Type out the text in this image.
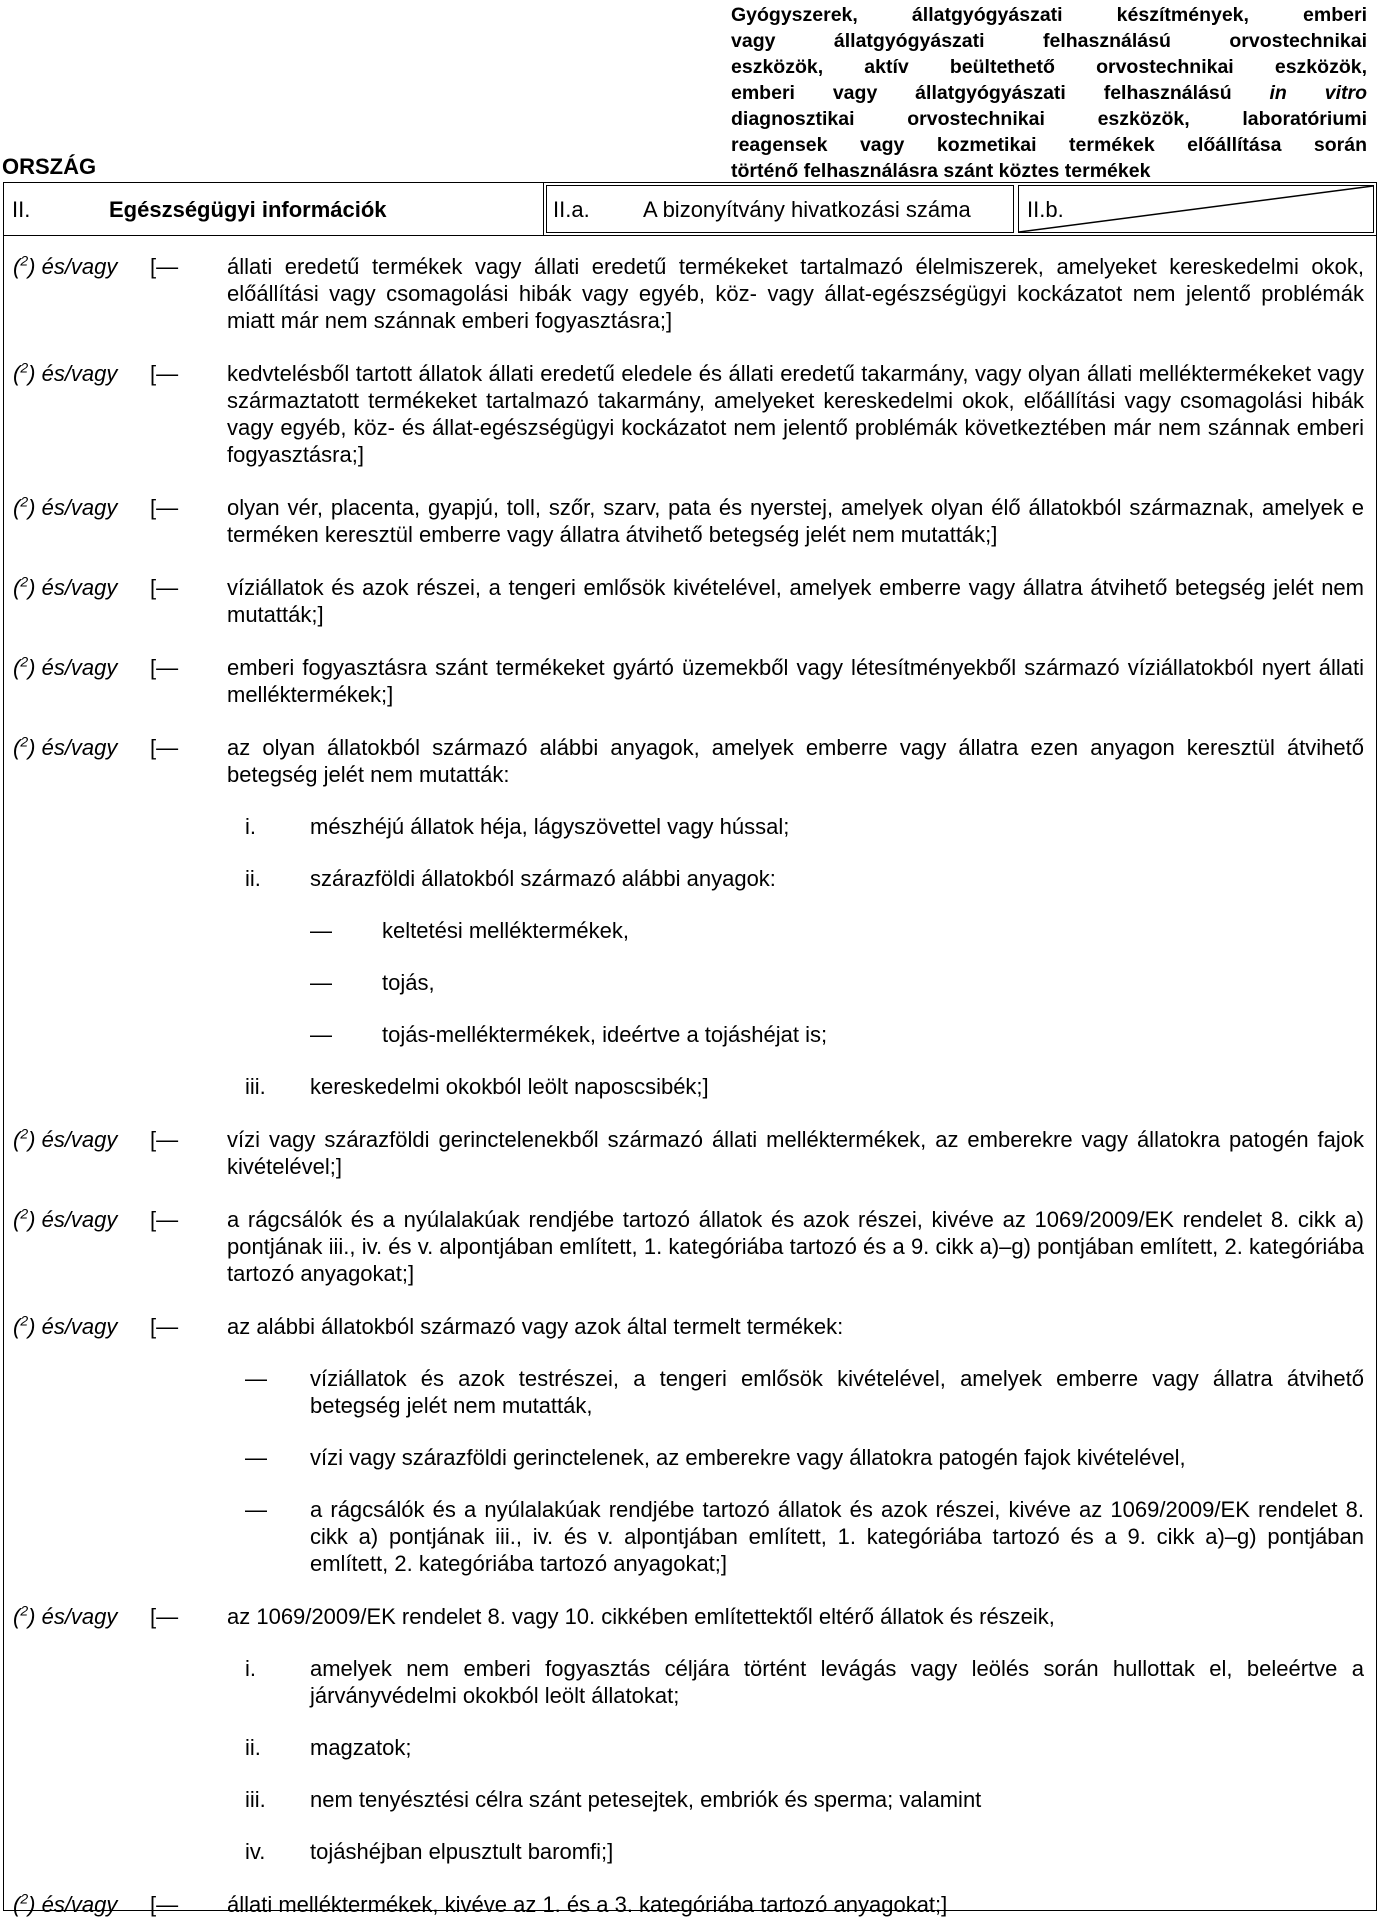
Gyógyszerek, állatgyógyászati készítmények, emberi
vagy állatgyógyászati felhasználású orvostechnikai
eszközök, aktív beültethető orvostechnikai eszközök,
emberi vagy állatgyógyászati felhasználású in vitro
diagnosztikai orvostechnikai eszközök, laboratóriumi
reagensek vagy kozmetikai termékek előállítása során
történő felhasználásra szánt köztes termékek
ORSZÁG
II.	Egészségügyi információk	II.a.	A bizonyítvány hivatkozási száma	II.b.
($^2$) és/vagy	[—	állati eredetű termékek vagy állati eredetű termékeket tartalmazó élelmiszerek, amelyeket kereskedelmi okok, előállítási vagy csomagolási hibák vagy egyéb, köz- vagy állat-egészségügyi kockázatot nem jelentő problémák miatt már nem szánnak emberi fogyasztásra;]

($^2$) és/vagy	[—	kedvtelésből tartott állatok állati eredetű eledele és állati eredetű takarmány, vagy olyan állati melléktermékeket vagy származtatott termékeket tartalmazó takarmány, amelyeket kereskedelmi okok, előállítási vagy csomagolási hibák vagy egyéb, köz- és állat-egészségügyi kockázatot nem jelentő problémák következtében már nem szánnak emberi fogyasztásra;]

($^2$) és/vagy	[—	olyan vér, placenta, gyapjú, toll, szőr, szarv, pata és nyerstej, amelyek olyan élő állatokból származnak, amelyek e terméken keresztül emberre vagy állatra átvihető betegség jelét nem mutatták;]

($^2$) és/vagy	[—	víziállatok és azok részei, a tengeri emlősök kivételével, amelyek emberre vagy állatra átvihető betegség jelét nem mutatták;]

($^2$) és/vagy	[—	emberi fogyasztásra szánt termékeket gyártó üzemekből vagy létesítményekből származó víziállatokból nyert állati melléktermékek;]

($^2$) és/vagy	[—	az olyan állatokból származó alábbi anyagok, amelyek emberre vagy állatra ezen anyagon keresztül átvihető betegség jelét nem mutatták:

i.	mészhéjú állatok héja, lágyszövettel vagy hússal;
ii.	szárazföldi állatokból származó alábbi anyagok:
—	keltetési melléktermékek,
—	tojás,
—	tojás-melléktermékek, ideértve a tojáshéjat is;
iii.	kereskedelmi okokból leölt naposcsibék;]
($^2$) és/vagy	[—	vízi vagy szárazföldi gerinctelenekből származó állati melléktermékek, az emberekre vagy állatokra patogén fajok kivételével;]

($^2$) és/vagy	[—	a rágcsálók és a nyúlalakúak rendjébe tartozó állatok és azok részei, kivéve az 1069/2009/EK rendelet 8. cikk a) pontjának iii., iv. és v. alpontjában említett, 1. kategóriába tartozó és a 9. cikk a)–g) pontjában említett, 2. kategóriába tartozó anyagokat;]

($^2$) és/vagy	[—	az alábbi állatokból származó vagy azok által termelt termékek:

—	víziállatok és azok testrészei, a tengeri emlősök kivételével, amelyek emberre vagy állatra átvihető betegség jelét nem mutatták,
—	vízi vagy szárazföldi gerinctelenek, az emberekre vagy állatokra patogén fajok kivételével,
—	a rágcsálók és a nyúlalakúak rendjébe tartozó állatok és azok részei, kivéve az 1069/2009/EK rendelet 8. cikk a) pontjának iii., iv. és v. alpontjában említett, 1. kategóriába tartozó és a 9. cikk a)–g) pontjában említett, 2. kategóriába tartozó anyagokat;]
($^2$) és/vagy	[—	az 1069/2009/EK rendelet 8. vagy 10. cikkében említettektől eltérő állatok és részeik,

i.	amelyek nem emberi fogyasztás céljára történt levágás vagy leölés során hullottak el, beleértve a járványvédelmi okokból leölt állatokat;
ii.	magzatok;
iii.	nem tenyésztési célra szánt petesejtek, embriók és sperma; valamint
iv.	tojáshéjban elpusztult baromfi;]
($^2$) és/vagy	[—	állati melléktermékek, kivéve az 1. és a 3. kategóriába tartozó anyagokat;]
